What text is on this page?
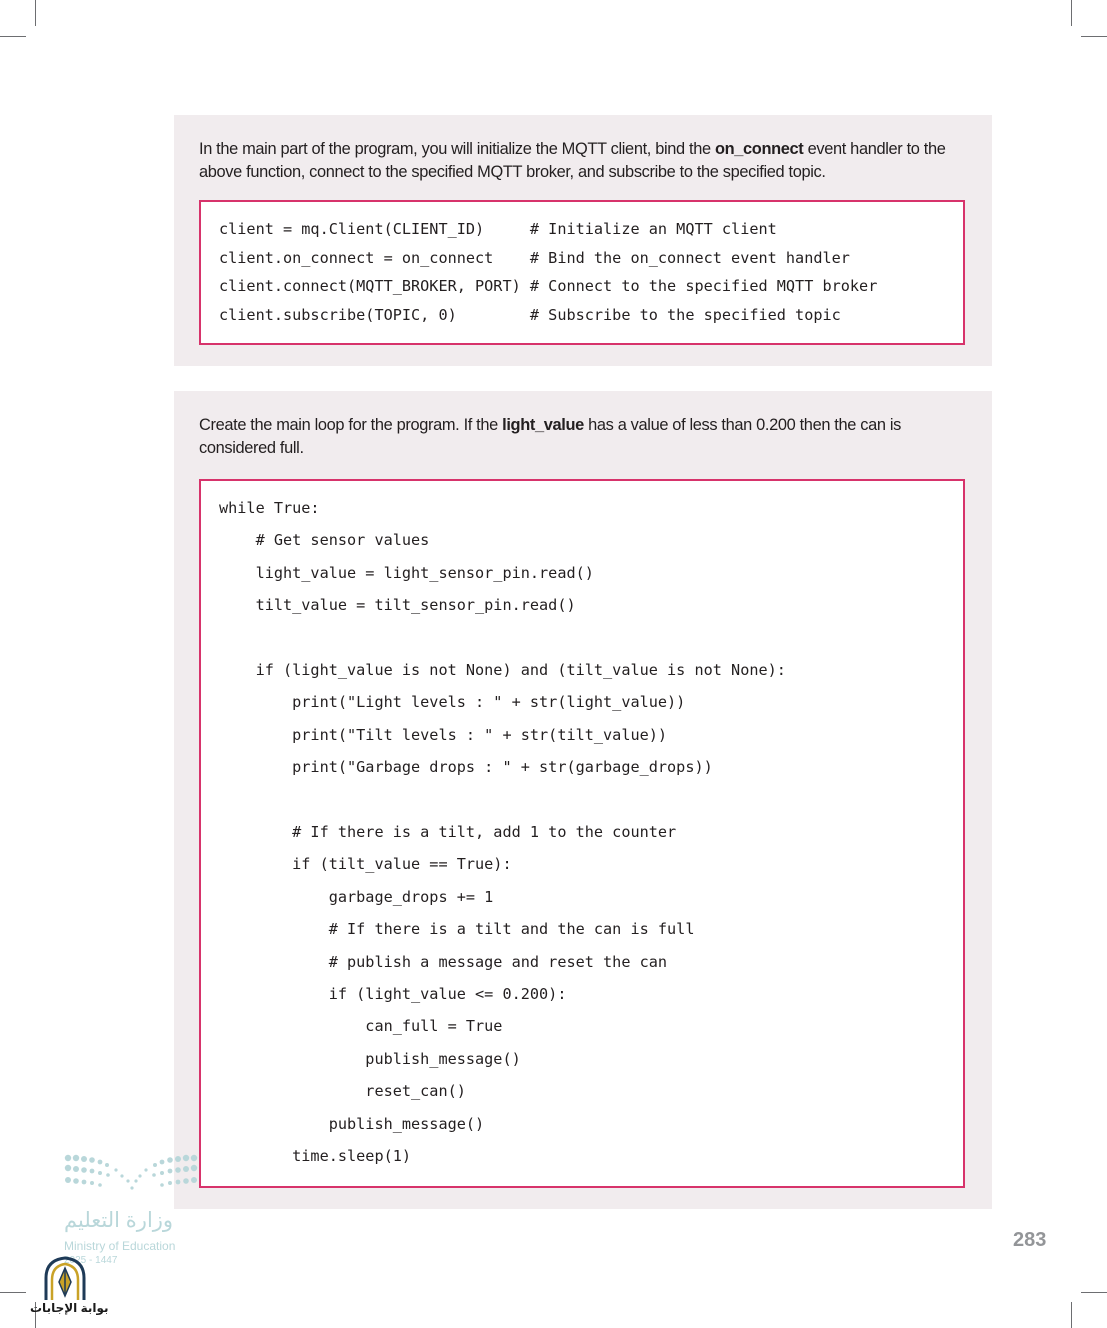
In the main part of the program, you will initialize the MQTT client, bind the on_connect event handler to the above function, connect to the specified MQTT broker, and subscribe to the specified topic.

client = mq.Client(CLIENT_ID)     # Initialize an MQTT client
client.on_connect = on_connect    # Bind the on_connect event handler
client.connect(MQTT_BROKER, PORT) # Connect to the specified MQTT broker
client.subscribe(TOPIC, 0)        # Subscribe to the specified topic

Create the main loop for the program. If the light_value has a value of less than 0.200 then the can is considered full.

while True:
# Get sensor values
light_value = light_sensor_pin.read()
tilt_value = tilt_sensor_pin.read()
if (light_value is not None) and (tilt_value is not None):
print("Light levels : " + str(light_value))
print("Tilt levels : " + str(tilt_value))
print("Garbage drops : " + str(garbage_drops))
# If there is a tilt, add 1 to the counter
if (tilt_value == True):
garbage_drops += 1
# If there is a tilt and the can is full
# publish a message and reset the can
if (light_value <= 0.200):
can_full = True
publish_message()
reset_can()
publish_message()
time.sleep(1)
وزارة التعليم
Ministry of Education
2025 - 1447
283
بوابة الإجابات
